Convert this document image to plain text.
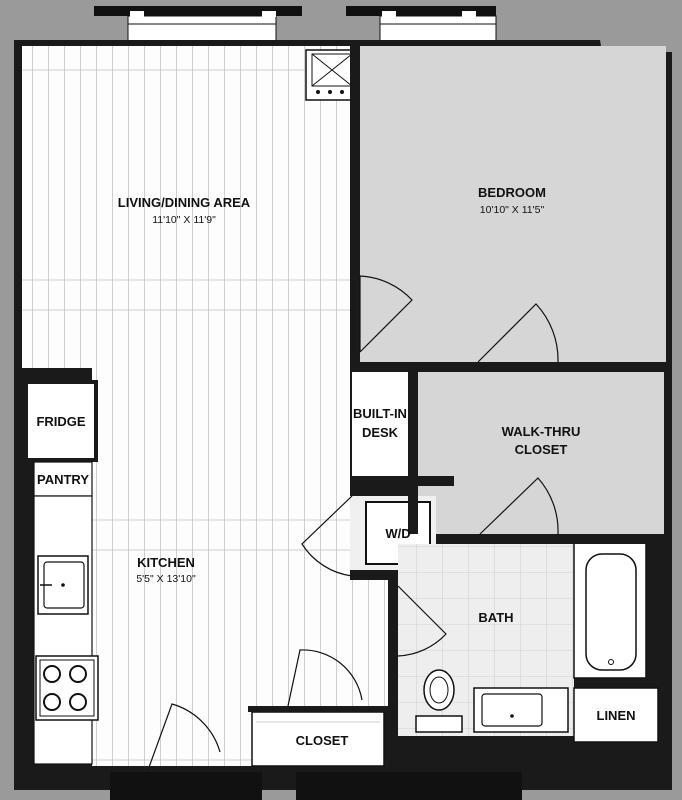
LIVING/DINING AREA
11'10" X 11'9"
BEDROOM
10'10" X 11'5"
WALK-THRU
CLOSET
BUILT-IN
DESK
W/D
BATH
LINEN
CLOSET
KITCHEN
5'5" X 13'10"
FRIDGE
PANTRY
